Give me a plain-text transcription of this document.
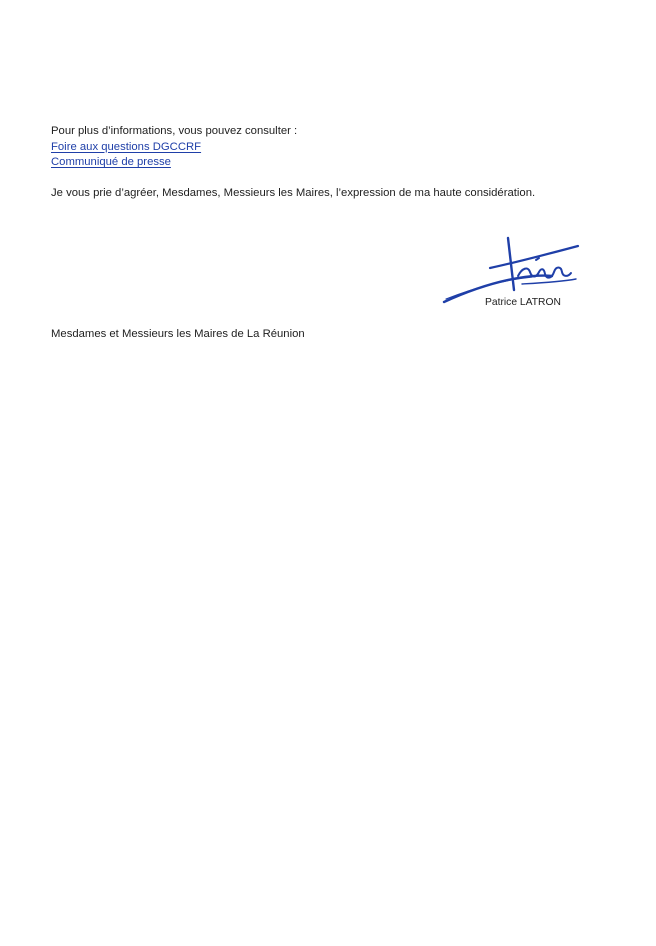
Pour plus d’informations, vous pouvez consulter :
Foire aux questions DGCCRF
Communiqué de presse
Je vous prie d’agréer, Mesdames, Messieurs les Maires, l’expression de ma haute considération.
Patrice LATRON
Mesdames et Messieurs les Maires de La Réunion
